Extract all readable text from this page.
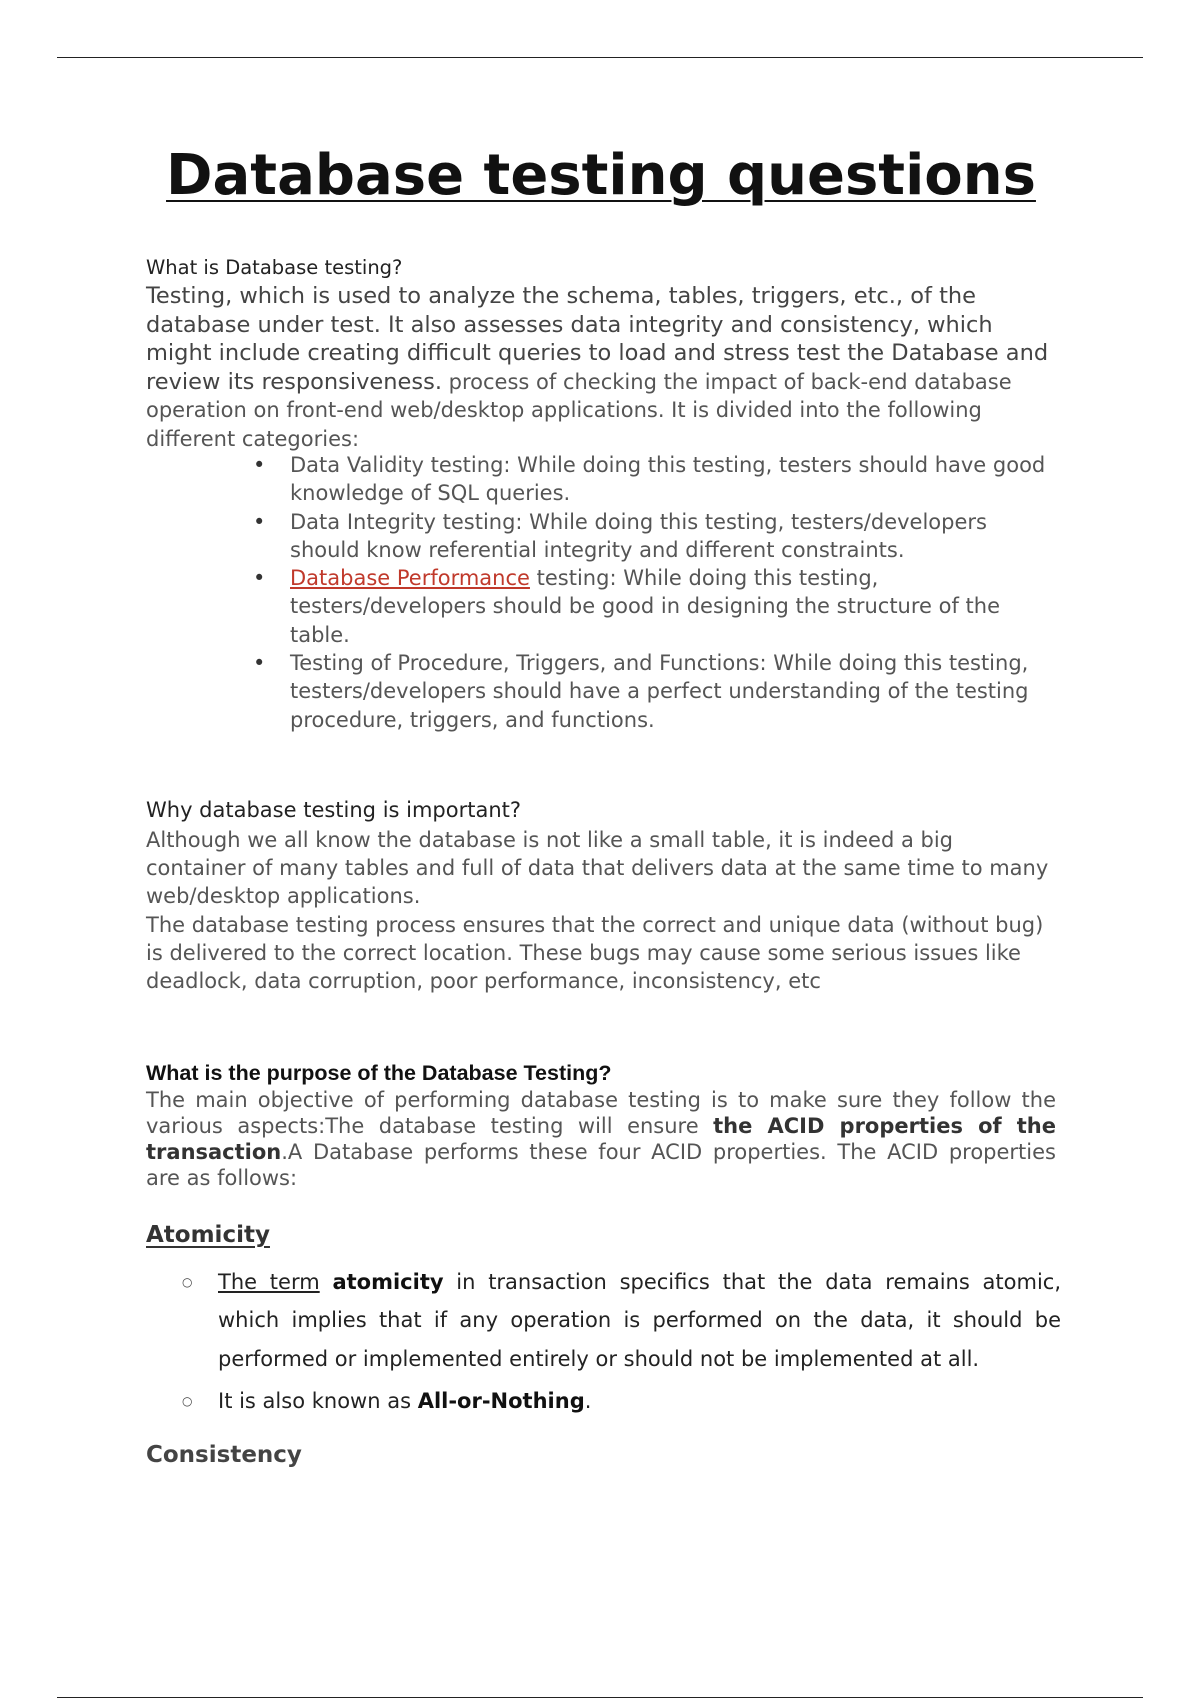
Database testing questions
What is Database testing?
Testing, which is used to analyze the schema, tables, triggers, etc., of the database under test. It also assesses data integrity and consistency, which might include creating difficult queries to load and stress test the Database and review its responsiveness. process of checking the impact of back-end database operation on front-end web/desktop applications. It is divided into the following different categories:
• Data Validity testing: While doing this testing, testers should have good knowledge of SQL queries.
• Data Integrity testing: While doing this testing, testers/developers should know referential integrity and different constraints.
• Database Performance testing: While doing this testing, testers/developers should be good in designing the structure of the table.
• Testing of Procedure, Triggers, and Functions: While doing this testing, testers/developers should have a perfect understanding of the testing procedure, triggers, and functions.
Why database testing is important?
Although we all know the database is not like a small table, it is indeed a big container of many tables and full of data that delivers data at the same time to many web/desktop applications.
The database testing process ensures that the correct and unique data (without bug) is delivered to the correct location. These bugs may cause some serious issues like deadlock, data corruption, poor performance, inconsistency, etc
What is the purpose of the Database Testing?
The main objective of performing database testing is to make sure they follow the various aspects:The database testing will ensure the ACID properties of the transaction.A Database performs these four ACID properties. The ACID properties are as follows:
Atomicity
○ The term atomicity in transaction specifics that the data remains atomic, which implies that if any operation is performed on the data, it should be performed or implemented entirely or should not be implemented at all.
○ It is also known as All-or-Nothing.
Consistency
